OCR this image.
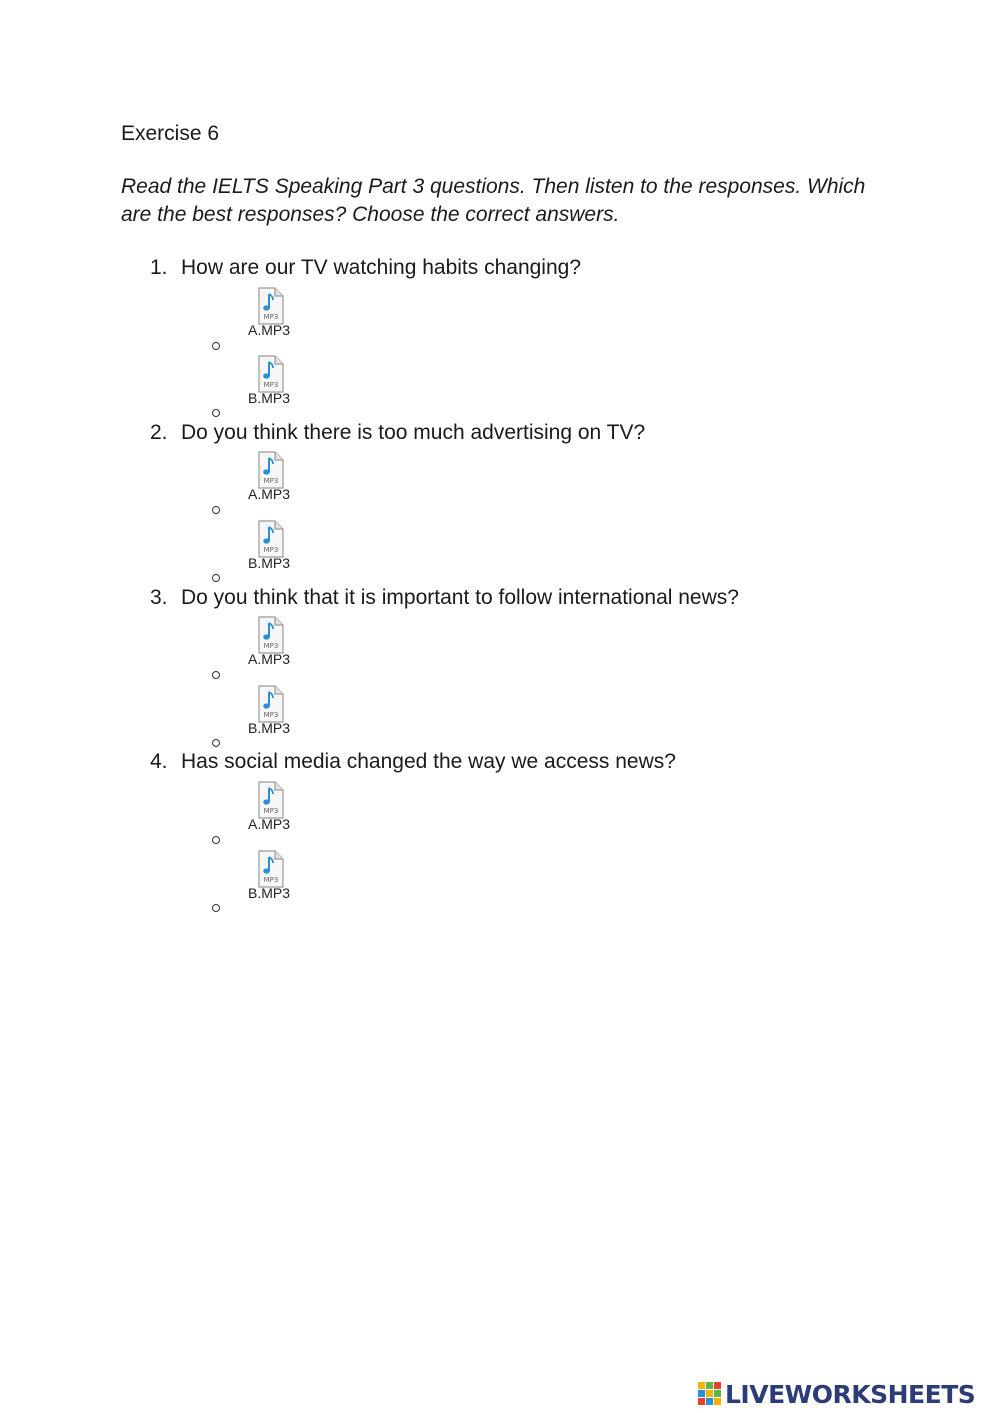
Exercise 6
Read the IELTS Speaking Part 3 questions. Then listen to the responses. Which are the best responses? Choose the correct answers.
1. How are our TV watching habits changing?
MP3
A.MP3
MP3
B.MP3
2. Do you think there is too much advertising on TV?
MP3
A.MP3
MP3
B.MP3
3. Do you think that it is important to follow international news?
MP3
A.MP3
MP3
B.MP3
4. Has social media changed the way we access news?
MP3
A.MP3
MP3
B.MP3
LIVEWORKSHEETS
